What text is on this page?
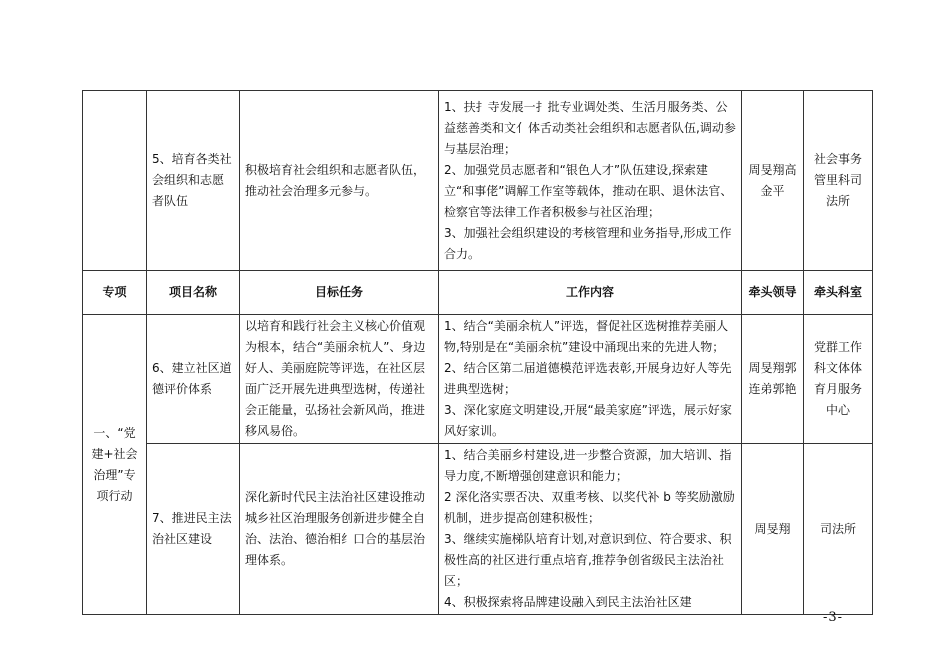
	5、培育各类社会组织和志愿者队伍	积极培育社会组织和志愿者队伍，推动社会治理多元参与。	1、扶扌寺发展一扌批专业调处类、生活月服务类、公益慈善类和文亻体舌动类社会组织和志愿者队伍,调动参与基层治理；
2、加强党员志愿者和“银色人才”队伍建设,探索建立“和事佬”调解工作室等载体，推动在职、退休法官、检察官等法律工作者积极参与社区治理；
3、加强社会组织建设的考核管理和业务指导,形成工作合力。	周旻翔高金平	社会事务管里科司法所
专项	项目名称	目标任务	工作内容	牵头领导	牵头科室
一、“党建+社会治理”专项行动	6、建立社区道德评价体系	以培育和践行社会主义核心价值观为根本，结合“美丽余杭人”、身边好人、美丽庭院等评选，在社区层面广泛开展先进典型选树，传递社会正能量，弘扬社会新风尚，推进移风易俗。	1、结合“美丽余杭人”评选，督促社区选树推荐美丽人物,特别是在“美丽余杭”建设中涌现出来的先进人物；
2、结合区第二届道德模范评选表彰,开展身边好人等先进典型选树；
3、深化家庭文明建设,开展“最美家庭”评选，展示好家风好家训。	周旻翔郭连弟郭艳	党群工作科文体体育月服务中心
	7、推进民主法治社区建设	深化新时代民主法治社区建设推动城乡社区治理服务创新进步健全自治、法治、德治相纟口合的基层治理体系。	1、结合美丽乡村建设,进一步整合资源，加大培训、指导力度,不断增强创建意识和能力；
2 深化洛实票否决、双重考核、以奖代补 b 等奖励激励机制，进步提高创建积极性；
3、继续实施梯队培育计划,对意识到位、符合要求、积极性高的社区进行重点培育,推荐争创省级民主法治社区；
4、积极探索将品牌建设融入到民主法治社区建	周旻翔	司法所
-3-
